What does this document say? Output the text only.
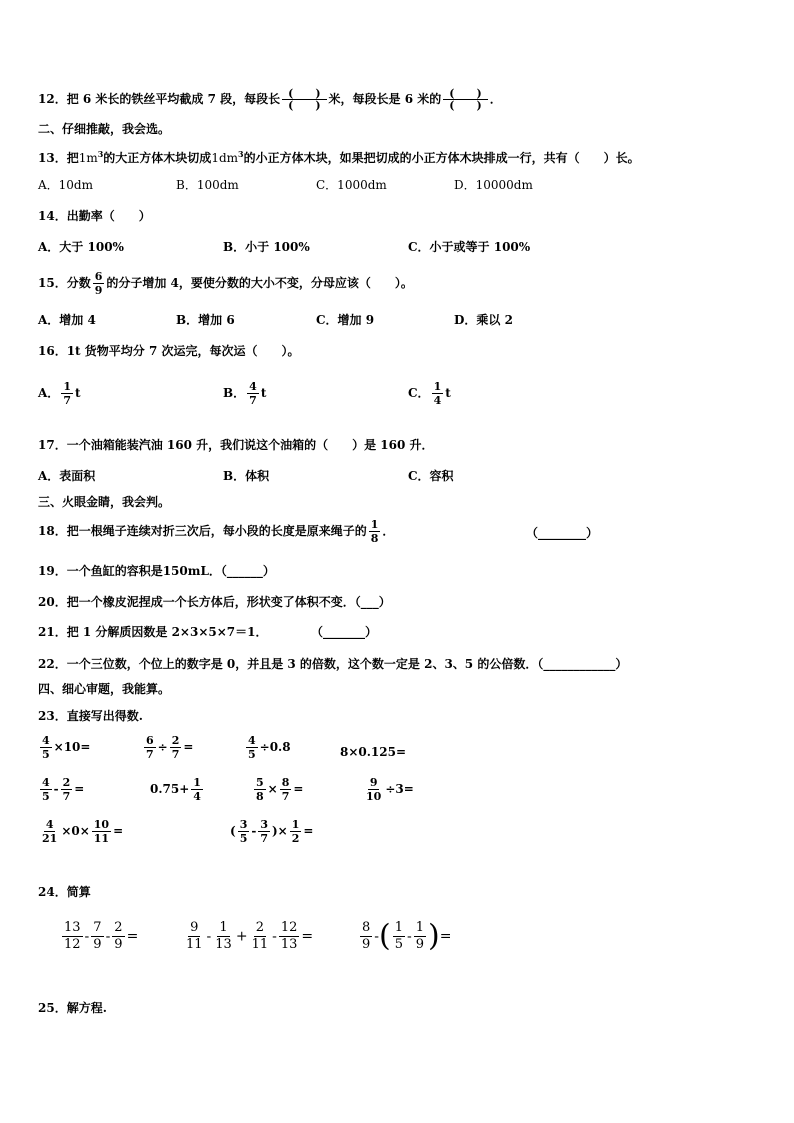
12．把 6 米长的铁丝平均截成 7 段，每段长 (　　)
(　　) 米，每段长是 6 米的 (　　)
(　　) ．
二、仔细推敲，我会选。
13．把$1m^3$的大正方体木块切成$1dm^3$的小正方体木块，如果把切成的小正方体木块排成一行，共有（　　）长。
A．10dm	B．100dm	C．1000dm	D．10000dm
14．出勤率（　　）
A．大于 100%	B．小于 100%	C．小于或等于 100%
15．分数 $\frac{6}{9}$ 的分子增加 4，要使分数的大小不变，分母应该（　　）。
A．增加 4	B．增加 6	C．增加 9	D．乘以 2
16．1t 货物平均分 7 次运完，每次运（　　）。
A． $\frac{1}{7}$ t	B． $\frac{4}{7}$ t	C． $\frac{1}{4}$ t
17．一个油箱能装汽油 160 升，我们说这个油箱的（　　）是 160 升．
A．表面积	B．体积	C．容积
三、火眼金睛，我会判。
18．把一根绳子连续对折三次后，每小段的长度是原来绳子的 $\frac{1}{8}$ ．	（________）
19．一个鱼缸的容积是150mL．（______）
20．把一个橡皮泥捏成一个长方体后，形状变了体积不变．（___）
21．把 1 分解质因数是 2×3×5×7＝1．	（_______）
22．一个三位数，个位上的数字是 0，并且是 3 的倍数，这个数一定是 2、3、5 的公倍数．（____________）
四、细心审题，我能算。
23．直接写出得数.
$\frac{4}{5} \times 10=$	$\frac{6}{7} \div \frac{2}{7}$ =	$\frac{4}{5} \div 0.8$	8×0.125=
$\frac{4}{5} - \frac{2}{7}$ =	$0.75+ \frac{1}{4}$	$\frac{5}{8} \times \frac{8}{7}$ =	$\frac{9}{10} \div 3=$
$\frac{4}{21} \times 0\times \frac{10}{11}$ =	( $\frac{3}{5} - \frac{3}{7}$ )× $\frac{1}{2}$ =
24．简算
$\frac{13}{12} - \frac{7}{9} - \frac{2}{9}$ =	$\frac{9}{11} - \frac{1}{13} + \frac{2}{11} - \frac{12}{13}$ =	$\frac{8}{9}$ -( $\frac{1}{5} - \frac{1}{9}$ )=
25．解方程.
